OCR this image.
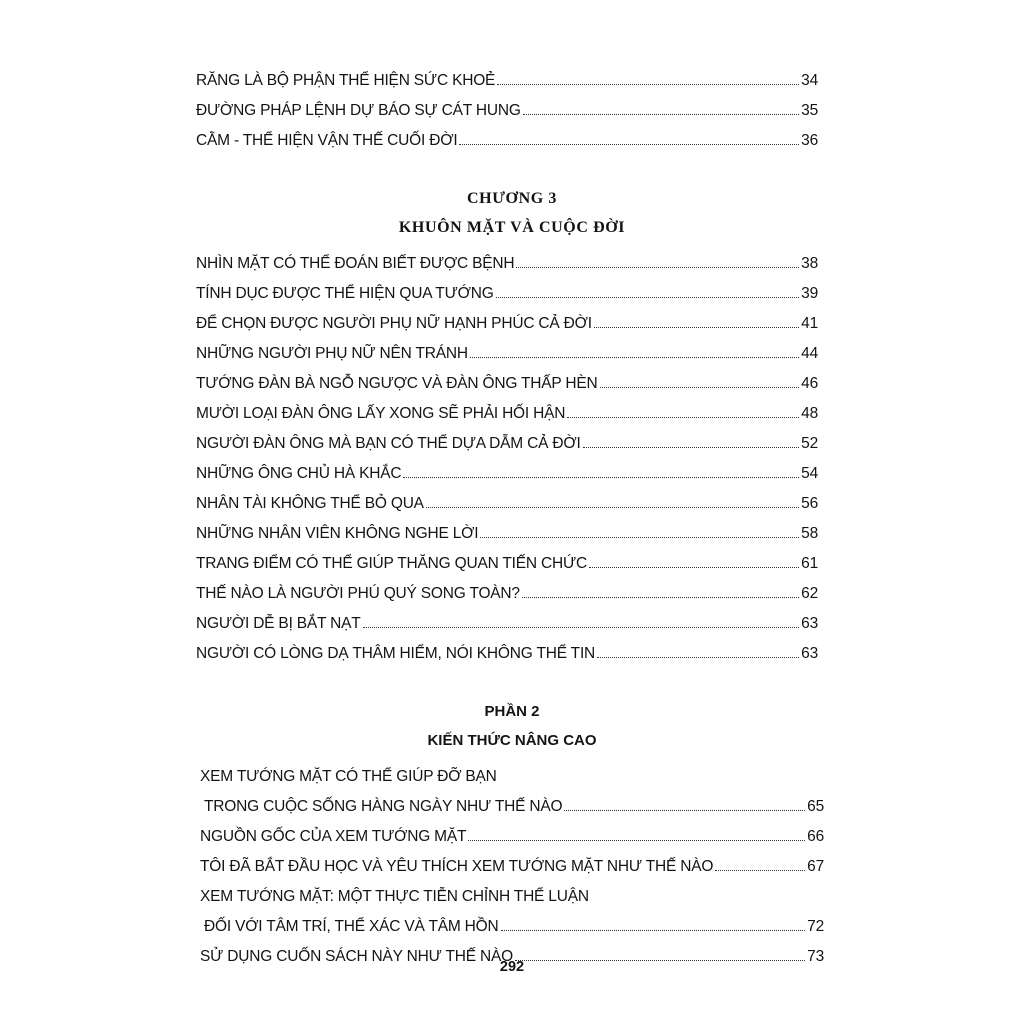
RĂNG LÀ BỘ PHẬN THỂ HIỆN SỨC KHOẺ	34
ĐƯỜNG PHÁP LỆNH DỰ BÁO SỰ CÁT HUNG	35
CẰM - THỂ HIỆN VẬN THẾ CUỐI ĐỜI	36
CHƯƠNG 3
KHUÔN MẶT VÀ CUỘC ĐỜI
NHÌN MẶT CÓ THỂ ĐOÁN BIẾT ĐƯỢC BỆNH	38
TÍNH DỤC ĐƯỢC THỂ HIỆN QUA TƯỚNG	39
ĐỂ CHỌN ĐƯỢC NGƯỜI PHỤ NỮ HẠNH PHÚC CẢ ĐỜI	41
NHỮNG NGƯỜI PHỤ NỮ NÊN TRÁNH	44
TƯỚNG ĐÀN BÀ NGỖ NGƯỢC VÀ ĐÀN ÔNG THẤP HÈN	46
MƯỜI LOẠI ĐÀN ÔNG LẤY XONG SẼ PHẢI HỐI HẬN	48
NGƯỜI ĐÀN ÔNG MÀ BẠN CÓ THỂ DỰA DẪM CẢ ĐỜI	52
NHỮNG ÔNG CHỦ HÀ KHẮC	54
NHÂN TÀI KHÔNG THỂ BỎ QUA	56
NHỮNG NHÂN VIÊN KHÔNG NGHE LỜI	58
TRANG ĐIỂM CÓ THỂ GIÚP THĂNG QUAN TIẾN CHỨC	61
THẾ NÀO LÀ NGƯỜI PHÚ QUÝ SONG TOÀN?	62
NGƯỜI DỄ BỊ BẮT NẠT	63
NGƯỜI CÓ LÒNG DẠ THÂM HIỂM, NÓI KHÔNG THỂ TIN	63
PHẦN 2
KIẾN THỨC NÂNG CAO
XEM TƯỚNG MẶT CÓ THỂ GIÚP ĐỠ BẠN
TRONG CUỘC SỐNG HÀNG NGÀY NHƯ THẾ NÀO	65
NGUỒN GỐC CỦA XEM TƯỚNG MẶT	66
TÔI ĐÃ BẮT ĐẦU HỌC VÀ YÊU THÍCH XEM TƯỚNG MẶT NHƯ THẾ NÀO	67
XEM TƯỚNG MẶT: MỘT THỰC TIỄN CHỈNH THỂ LUẬN
ĐỐI VỚI TÂM TRÍ, THỂ XÁC VÀ TÂM HỒN	72
SỬ DỤNG CUỐN SÁCH NÀY NHƯ THẾ NÀO	73
292
